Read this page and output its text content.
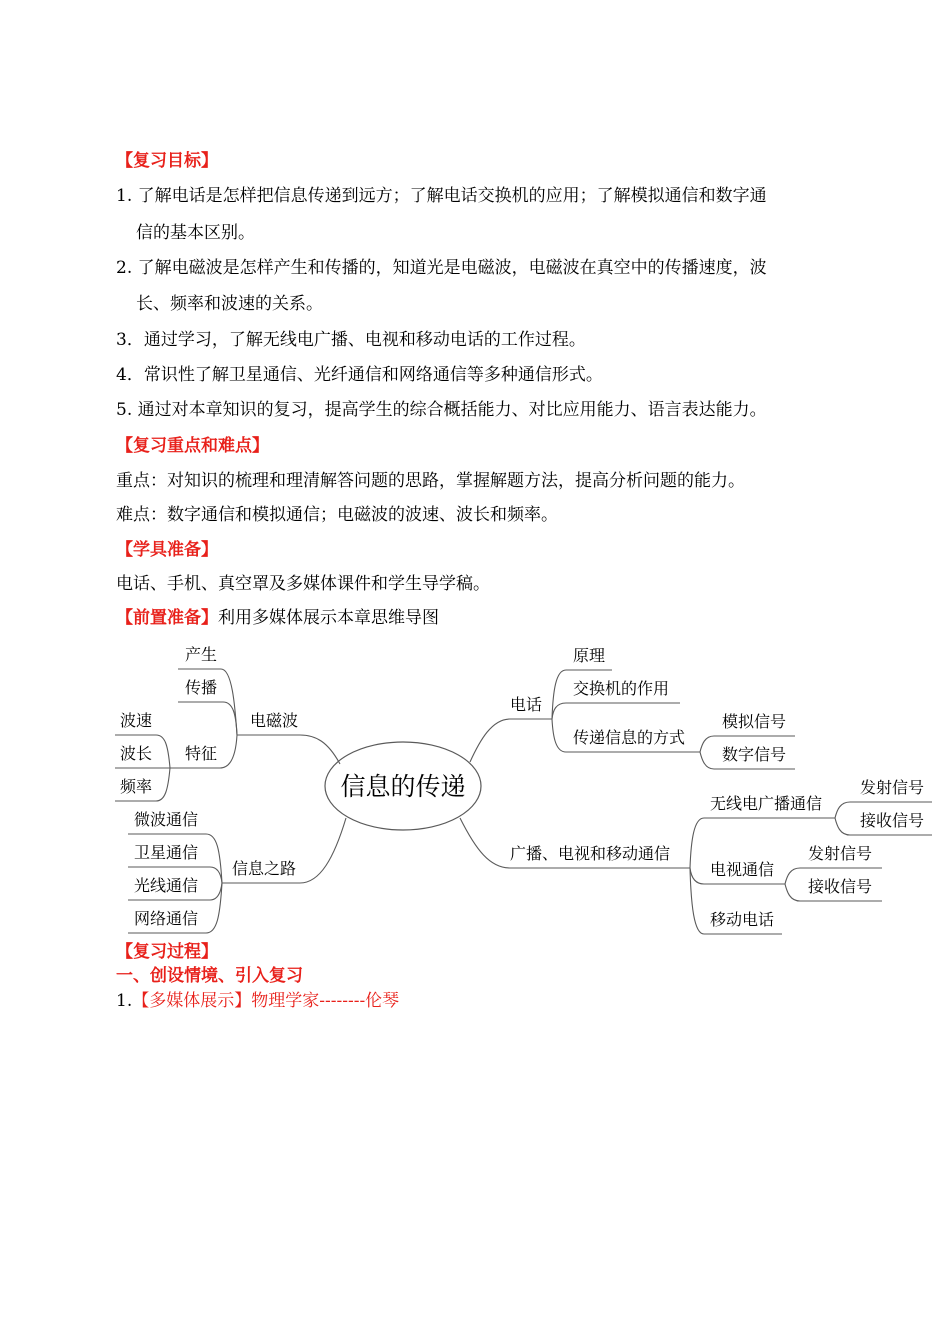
【复习目标】
1. 了解电话是怎样把信息传递到远方；了解电话交换机的应用；了解模拟通信和数字通
信的基本区别。
2. 了解电磁波是怎样产生和传播的，知道光是电磁波，电磁波在真空中的传播速度，波
长、频率和波速的关系。
3．通过学习，了解无线电广播、电视和移动电话的工作过程。
4．常识性了解卫星通信、光纤通信和网络通信等多种通信形式。
5. 通过对本章知识的复习，提高学生的综合概括能力、对比应用能力、语言表达能力。
【复习重点和难点】
重点：对知识的梳理和理清解答问题的思路，掌握解题方法，提高分析问题的能力。
难点：数字通信和模拟通信；电磁波的波速、波长和频率。
【学具准备】
电话、手机、真空罩及多媒体课件和学生导学稿。
【前置准备】利用多媒体展示本章思维导图
信息的传递
电磁波
产生
传播
特征
波速
波长
频率
信息之路
微波通信
卫星通信
光线通信
网络通信
电话
原理
交换机的作用
传递信息的方式
模拟信号
数字信号
广播、电视和移动通信
无线电广播通信
发射信号
接收信号
电视通信
发射信号
接收信号
移动电话
【复习过程】
一、创设情境、引入复习
1.【多媒体展示】物理学家--------伦琴
